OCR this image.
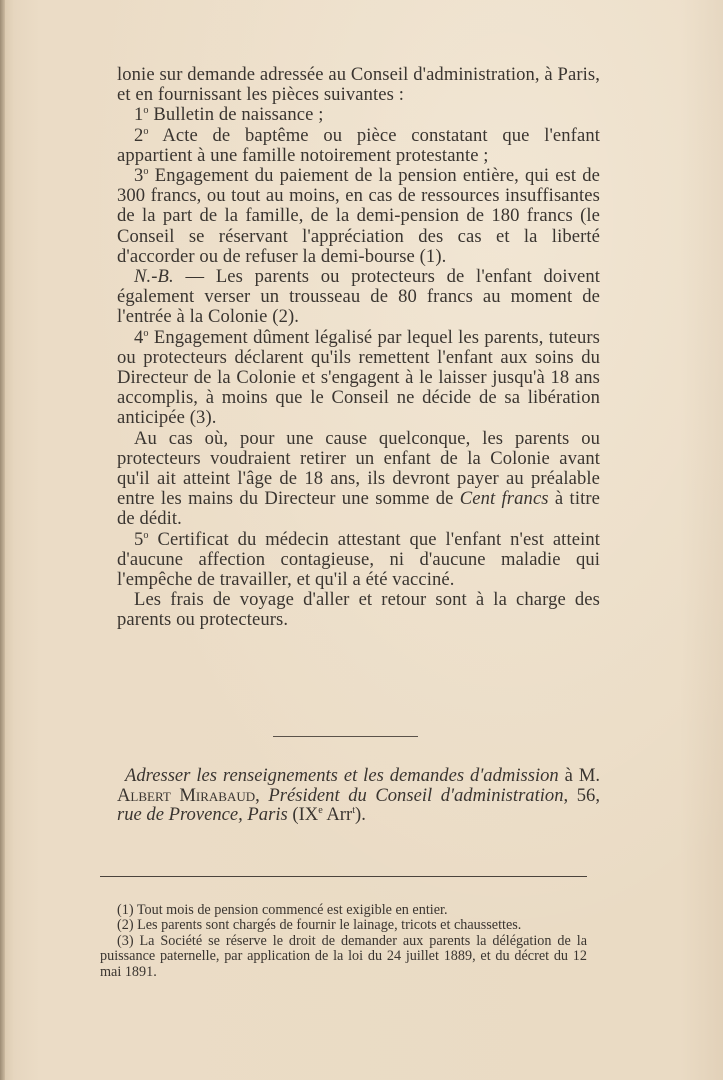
lonie sur demande adressée au Conseil d'administration, à Paris, et en fournissant les pièces suivantes :

1$^o$ Bulletin de naissance ;

2$^o$ Acte de baptême ou pièce constatant que l'enfant appartient à une famille notoirement protestante ;

3$^o$ Engagement du paiement de la pension entière, qui est de 300 francs, ou tout au moins, en cas de ressources insuffisantes de la part de la famille, de la demi-pension de 180 francs (le Conseil se réservant l'appréciation des cas et la liberté d'accorder ou de refuser la demi-bourse (1).

N.-B. — Les parents ou protecteurs de l'enfant doivent également verser un trousseau de 80 francs au moment de l'entrée à la Colonie (2).

4$^o$ Engagement dûment légalisé par lequel les parents, tuteurs ou protecteurs déclarent qu'ils remettent l'enfant aux soins du Directeur de la Colonie et s'engagent à le laisser jusqu'à 18 ans accomplis, à moins que le Conseil ne décide de sa libération anticipée (3).

Au cas où, pour une cause quelconque, les parents ou protecteurs voudraient retirer un enfant de la Colonie avant qu'il ait atteint l'âge de 18 ans, ils devront payer au préalable entre les mains du Directeur une somme de Cent francs à titre de dédit.

5$^o$ Certificat du médecin attestant que l'enfant n'est atteint d'aucune affection contagieuse, ni d'aucune maladie qui l'empêche de travailler, et qu'il a été vacciné.

Les frais de voyage d'aller et retour sont à la charge des parents ou protecteurs.

Adresser les renseignements et les demandes d'admission à M. Albert Mirabaud, Président du Conseil d'administration, 56, rue de Provence, Paris (IXe Arr$^t$).

(1) Tout mois de pension commencé est exigible en entier.

(2) Les parents sont chargés de fournir le lainage, tricots et chaussettes.

(3) La Société se réserve le droit de demander aux parents la délégation de la puissance paternelle, par application de la loi du 24 juillet 1889, et du décret du 12 mai 1891.
